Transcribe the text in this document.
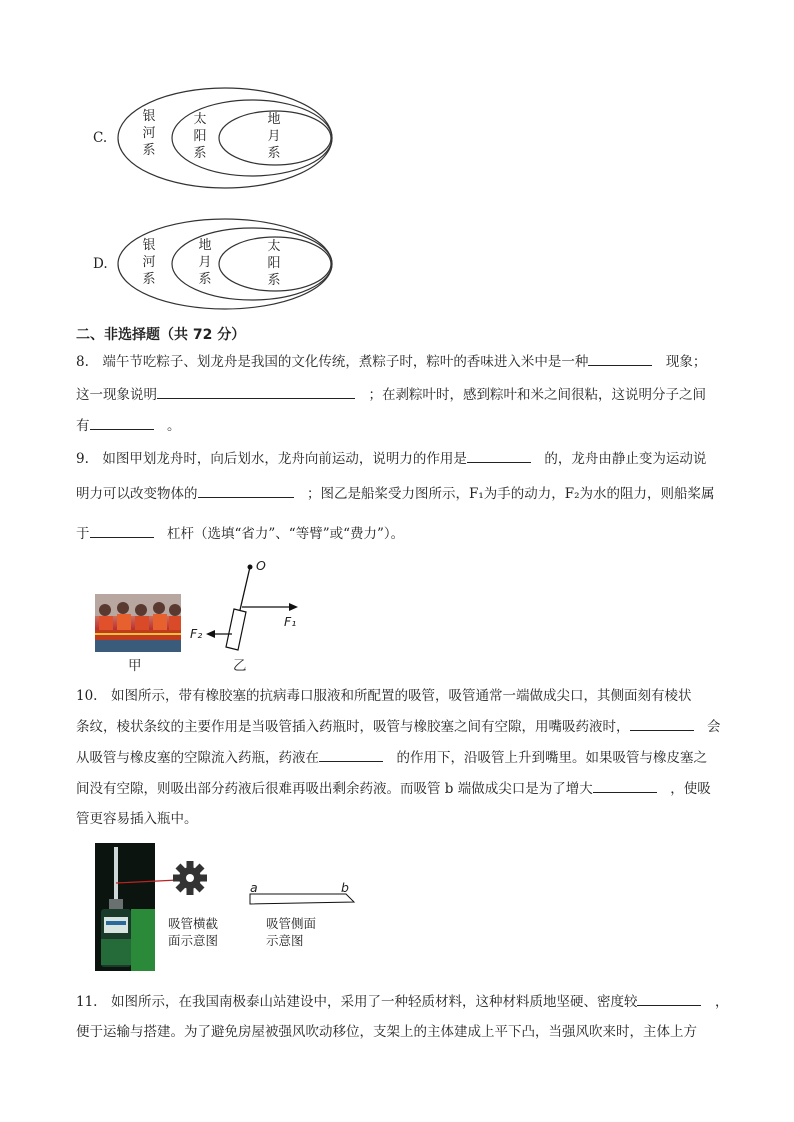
C.
银
河
系
太
阳
系
地
月
系
D.
银
河
系
地
月
系
太
阳
系
二、非选择题（共 72 分）
8.　端午节吃粽子、划龙舟是我国的文化传统，煮粽子时，粽叶的香味进入米中是一种　	现象；
这一现象说明　	；在剥粽叶时，感到粽叶和米之间很粘，这说明分子之间
有　	。
9.　如图甲划龙舟时，向后划水，龙舟向前运动，说明力的作用是　	的，龙舟由静止变为运动说
明力可以改变物体的　	；图乙是船桨受力图所示，F₁为手的动力，F₂为水的阻力，则船桨属
于　	杠杆（选填“省力”、“等臂”或“费力”）。
甲
O
F₁
F₂
乙
10.　如图所示，带有橡胶塞的抗病毒口服液和所配置的吸管，吸管通常一端做成尖口，其侧面刻有棱状
条纹，棱状条纹的主要作用是当吸管插入药瓶时，吸管与橡胶塞之间有空隙，用嘴吸药液时，　	会
从吸管与橡皮塞的空隙流入药瓶，药液在　	的作用下，沿吸管上升到嘴里。如果吸管与橡皮塞之
间没有空隙，则吸出部分药液后很难再吸出剩余药液。而吸管 b 端做成尖口是为了增大　	，使吸
管更容易插入瓶中。
吸管横截
面示意图
a	b
吸管侧面
示意图
11.　如图所示，在我国南极泰山站建设中，采用了一种轻质材料，这种材料质地坚硬、密度较　	，
便于运输与搭建。为了避免房屋被强风吹动移位，支架上的主体建成上平下凸，当强风吹来时，主体上方
